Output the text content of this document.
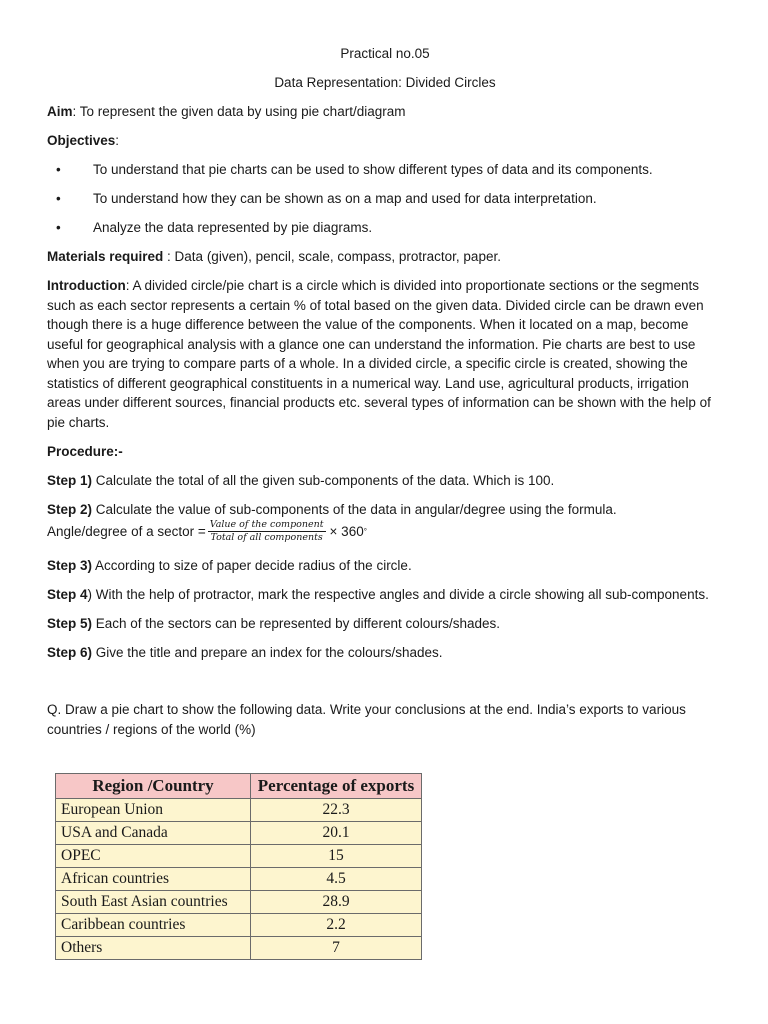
Practical no.05

Data Representation: Divided Circles

Aim: To represent the given data by using pie chart/diagram

Objectives:

• To understand that pie charts can be used to show different types of data and its components.
• To understand how they can be shown as on a map and used for data interpretation.
• Analyze the data represented by pie diagrams.

Materials required : Data (given), pencil, scale, compass, protractor, paper.

Introduction: A divided circle/pie chart is a circle which is divided into proportionate sections or the segments such as each sector represents a certain % of total based on the given data. Divided circle can be drawn even though there is a huge difference between the value of the components. When it located on a map, become useful for geographical analysis with a glance one can understand the information. Pie charts are best to use when you are trying to compare parts of a whole. In a divided circle, a specific circle is created, showing the statistics of different geographical constituents in a numerical way. Land use, agricultural products, irrigation areas under different sources, financial products etc. several types of information can be shown with the help of pie charts.

Procedure:-

Step 1) Calculate the total of all the given sub-components of the data. Which is 100.

Step 2) Calculate the value of sub-components of the data in angular/degree using the formula.

Angle/degree of a sector = $\frac{\text{Value of the component}}{\text{Total of all components}} \times 360$ °

Step 3) According to size of paper decide radius of the circle.

Step 4) With the help of protractor, mark the respective angles and divide a circle showing all sub-components.

Step 5) Each of the sectors can be represented by different colours/shades.

Step 6) Give the title and prepare an index for the colours/shades.

Q. Draw a pie chart to show the following data. Write your conclusions at the end. India’s exports to various countries / regions of the world (%)

Region /Country	Percentage of exports
European Union	22.3
USA and Canada	20.1
OPEC	15
African countries	4.5
South East Asian countries	28.9
Caribbean countries	2.2
Others	7
